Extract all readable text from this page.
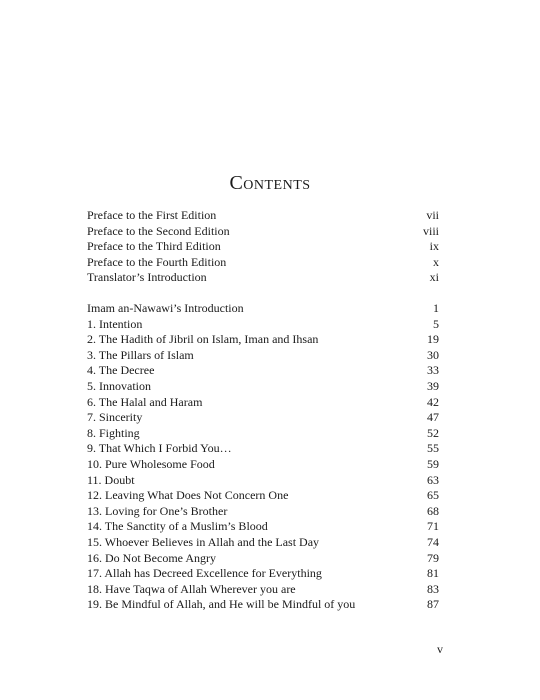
Contents
Preface to the First Edition	vii
Preface to the Second Edition	viii
Preface to the Third Edition	ix
Preface to the Fourth Edition	x
Translator’s Introduction	xi
Imam an-Nawawi’s Introduction	1
1. Intention	5
2. The Hadith of Jibril on Islam, Iman and Ihsan	19
3. The Pillars of Islam	30
4. The Decree	33
5. Innovation	39
6. The Halal and Haram	42
7. Sincerity	47
8. Fighting	52
9. That Which I Forbid You…	55
10. Pure Wholesome Food	59
11. Doubt	63
12. Leaving What Does Not Concern One	65
13. Loving for One’s Brother	68
14. The Sanctity of a Muslim’s Blood	71
15. Whoever Believes in Allah and the Last Day	74
16. Do Not Become Angry	79
17. Allah has Decreed Excellence for Everything	81
18. Have Taqwa of Allah Wherever you are	83
19. Be Mindful of Allah, and He will be Mindful of you	87
v
